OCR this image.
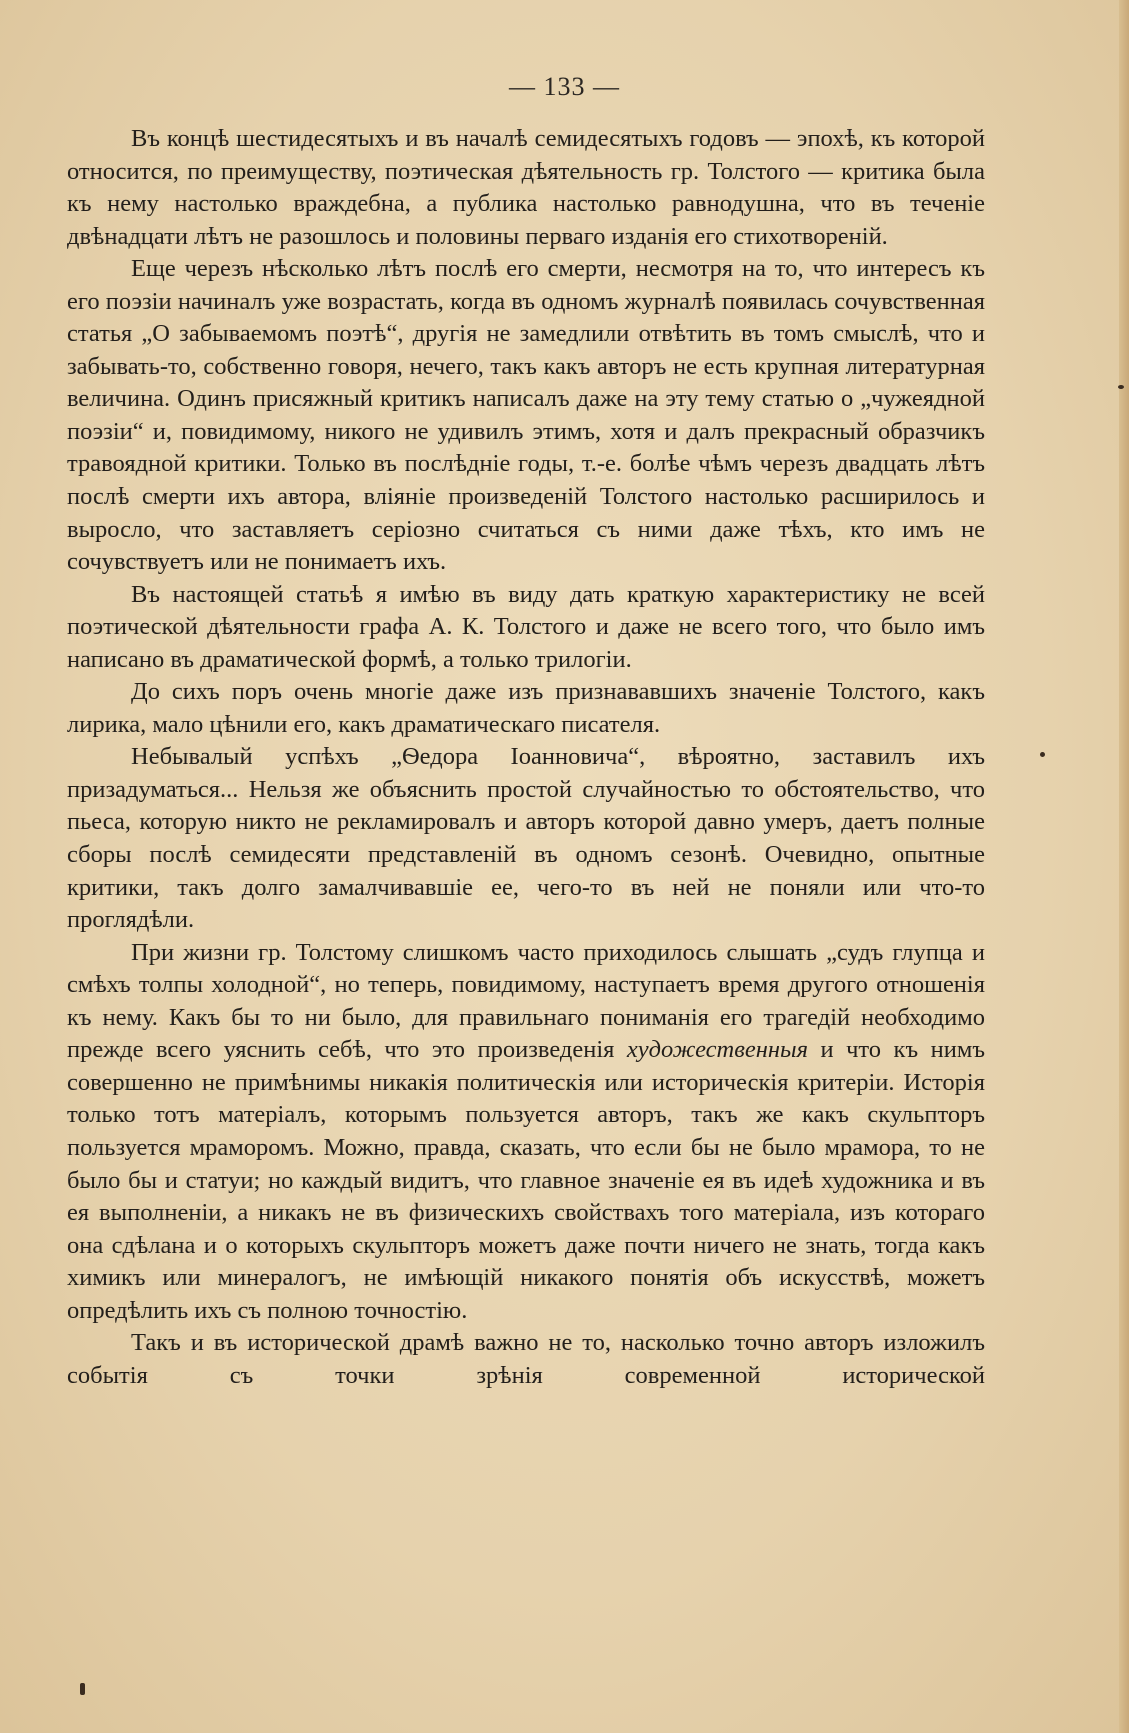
— 133 —

Въ концѣ шестидесятыхъ и въ началѣ семидесятыхъ годовъ — эпохѣ, къ которой относится, по преимуществу, поэтическая дѣятельность гр. Толстого — критика была къ нему настолько враждебна, а публика настолько равнодушна, что въ теченіе двѣнадцати лѣтъ не разошлось и половины перваго изданія его стихотвореній.

Еще черезъ нѣсколько лѣтъ послѣ его смерти, несмотря на то, что интересъ къ его поэзіи начиналъ уже возрастать, когда въ одномъ журналѣ появилась сочувственная статья „О забываемомъ поэтѣ“, другія не замедлили отвѣтить въ томъ смыслѣ, что и забывать-то, собственно говоря, нечего, такъ какъ авторъ не есть крупная литературная величина. Одинъ присяжный критикъ написалъ даже на эту тему статью о „чужеядной поэзіи“ и, повидимому, никого не удивилъ этимъ, хотя и далъ прекрасный образчикъ травоядной критики. Только въ послѣдніе годы, т.-е. болѣе чѣмъ черезъ двадцать лѣтъ послѣ смерти ихъ автора, вліяніе произведеній Толстого настолько расширилось и выросло, что заставляетъ серіозно считаться съ ними даже тѣхъ, кто имъ не сочувствуетъ или не понимаетъ ихъ.

Въ настоящей статьѣ я имѣю въ виду дать краткую характеристику не всей поэтической дѣятельности графа А. К. Толстого и даже не всего того, что было имъ написано въ драматической формѣ, а только трилогіи.

До сихъ поръ очень многіе даже изъ признававшихъ значеніе Толстого, какъ лирика, мало цѣнили его, какъ драматическаго писателя.

Небывалый успѣхъ „Ѳедора Іоанновича“, вѣроятно, заставилъ ихъ призадуматься... Нельзя же объяснить простой случайностью то обстоятельство, что пьеса, которую никто не рекламировалъ и авторъ которой давно умеръ, даетъ полные сборы послѣ семидесяти представленій въ одномъ сезонѣ. Очевидно, опытные критики, такъ долго замалчивавшіе ее, чего-то въ ней не поняли или что-то проглядѣли.

При жизни гр. Толстому слишкомъ часто приходилось слышать „судъ глупца и смѣхъ толпы холодной“, но теперь, повидимому, наступаетъ время другого отношенія къ нему. Какъ бы то ни было, для правильнаго пониманія его трагедій необходимо прежде всего уяснить себѣ, что это произведенія художественныя и что къ нимъ совершенно не примѣнимы никакія политическія или историческія критеріи. Исторія только тотъ матеріалъ, которымъ пользуется авторъ, такъ же какъ скульпторъ пользуется мраморомъ. Можно, правда, сказать, что если бы не было мрамора, то не было бы и статуи; но каждый видитъ, что главное значеніе ея въ идеѣ художника и въ ея выполненіи, а никакъ не въ физическихъ свойствахъ того матеріала, изъ котораго она сдѣлана и о которыхъ скульпторъ можетъ даже почти ничего не знать, тогда какъ химикъ или минералогъ, не имѣющій никакого понятія объ искусствѣ, можетъ опредѣлить ихъ съ полною точностію.

Такъ и въ исторической драмѣ важно не то, насколько точно авторъ изложилъ событія съ точки зрѣнія современной исторической
